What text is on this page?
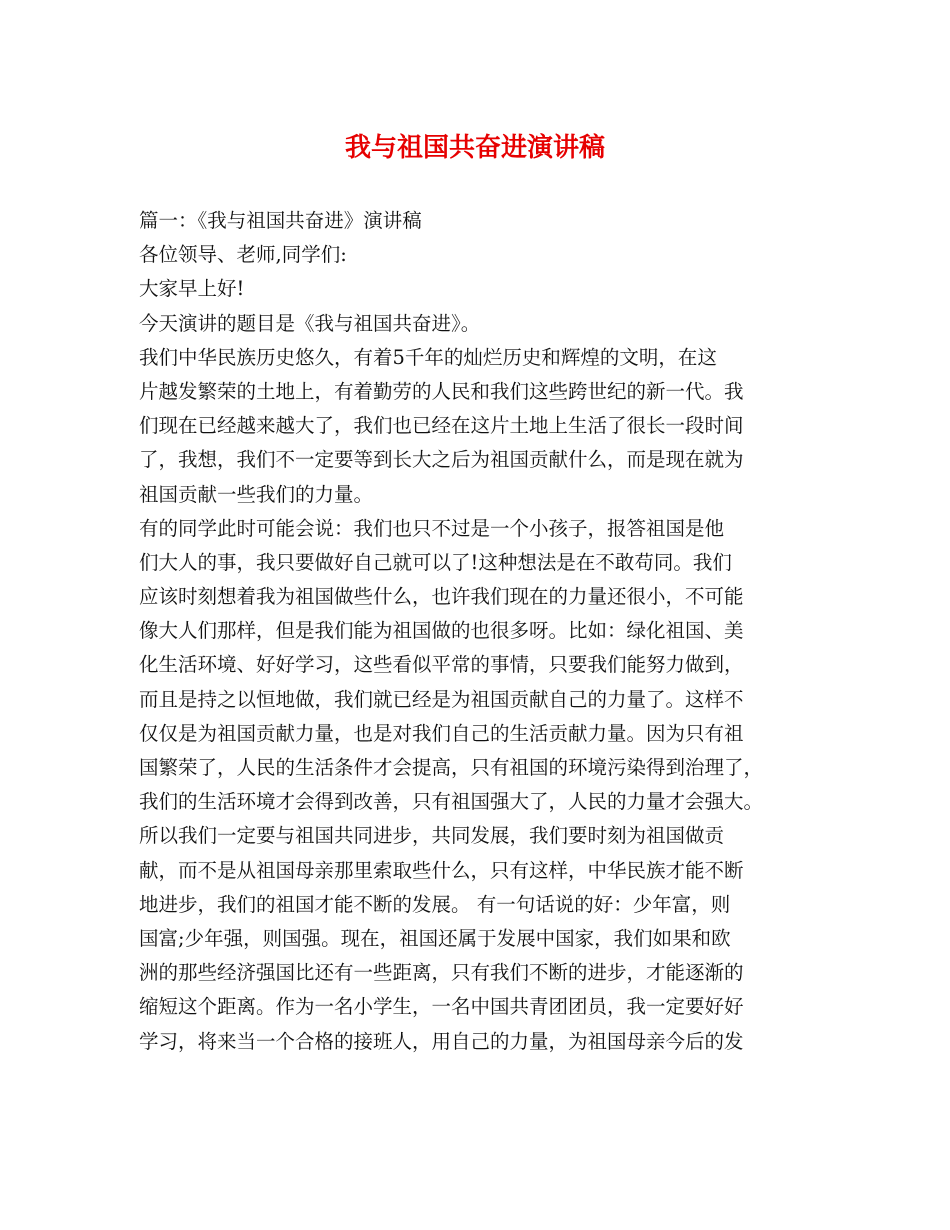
我与祖国共奋进演讲稿
篇一：《我与祖国共奋进》演讲稿
各位领导、老师,同学们:
大家早上好!
今天演讲的题目是《我与祖国共奋进》。
我们中华民族历史悠久，有着5千年的灿烂历史和辉煌的文明，在这
片越发繁荣的土地上，有着勤劳的人民和我们这些跨世纪的新一代。我
们现在已经越来越大了，我们也已经在这片土地上生活了很长一段时间
了，我想，我们不一定要等到长大之后为祖国贡献什么，而是现在就为
祖国贡献一些我们的力量。
有的同学此时可能会说：我们也只不过是一个小孩子，报答祖国是他
们大人的事，我只要做好自己就可以了!这种想法是在不敢苟同。我们
应该时刻想着我为祖国做些什么，也许我们现在的力量还很小，不可能
像大人们那样，但是我们能为祖国做的也很多呀。比如：绿化祖国、美
化生活环境、好好学习，这些看似平常的事情，只要我们能努力做到，
而且是持之以恒地做，我们就已经是为祖国贡献自己的力量了。这样不
仅仅是为祖国贡献力量，也是对我们自己的生活贡献力量。因为只有祖
国繁荣了，人民的生活条件才会提高，只有祖国的环境污染得到治理了，
我们的生活环境才会得到改善，只有祖国强大了，人民的力量才会强大。
所以我们一定要与祖国共同进步，共同发展，我们要时刻为祖国做贡
献，而不是从祖国母亲那里索取些什么，只有这样，中华民族才能不断
地进步，我们的祖国才能不断的发展。 有一句话说的好：少年富，则
国富;少年强，则国强。现在，祖国还属于发展中国家，我们如果和欧
洲的那些经济强国比还有一些距离，只有我们不断的进步，才能逐渐的
缩短这个距离。作为一名小学生，一名中国共青团团员，我一定要好好
学习，将来当一个合格的接班人，用自己的力量，为祖国母亲今后的发
